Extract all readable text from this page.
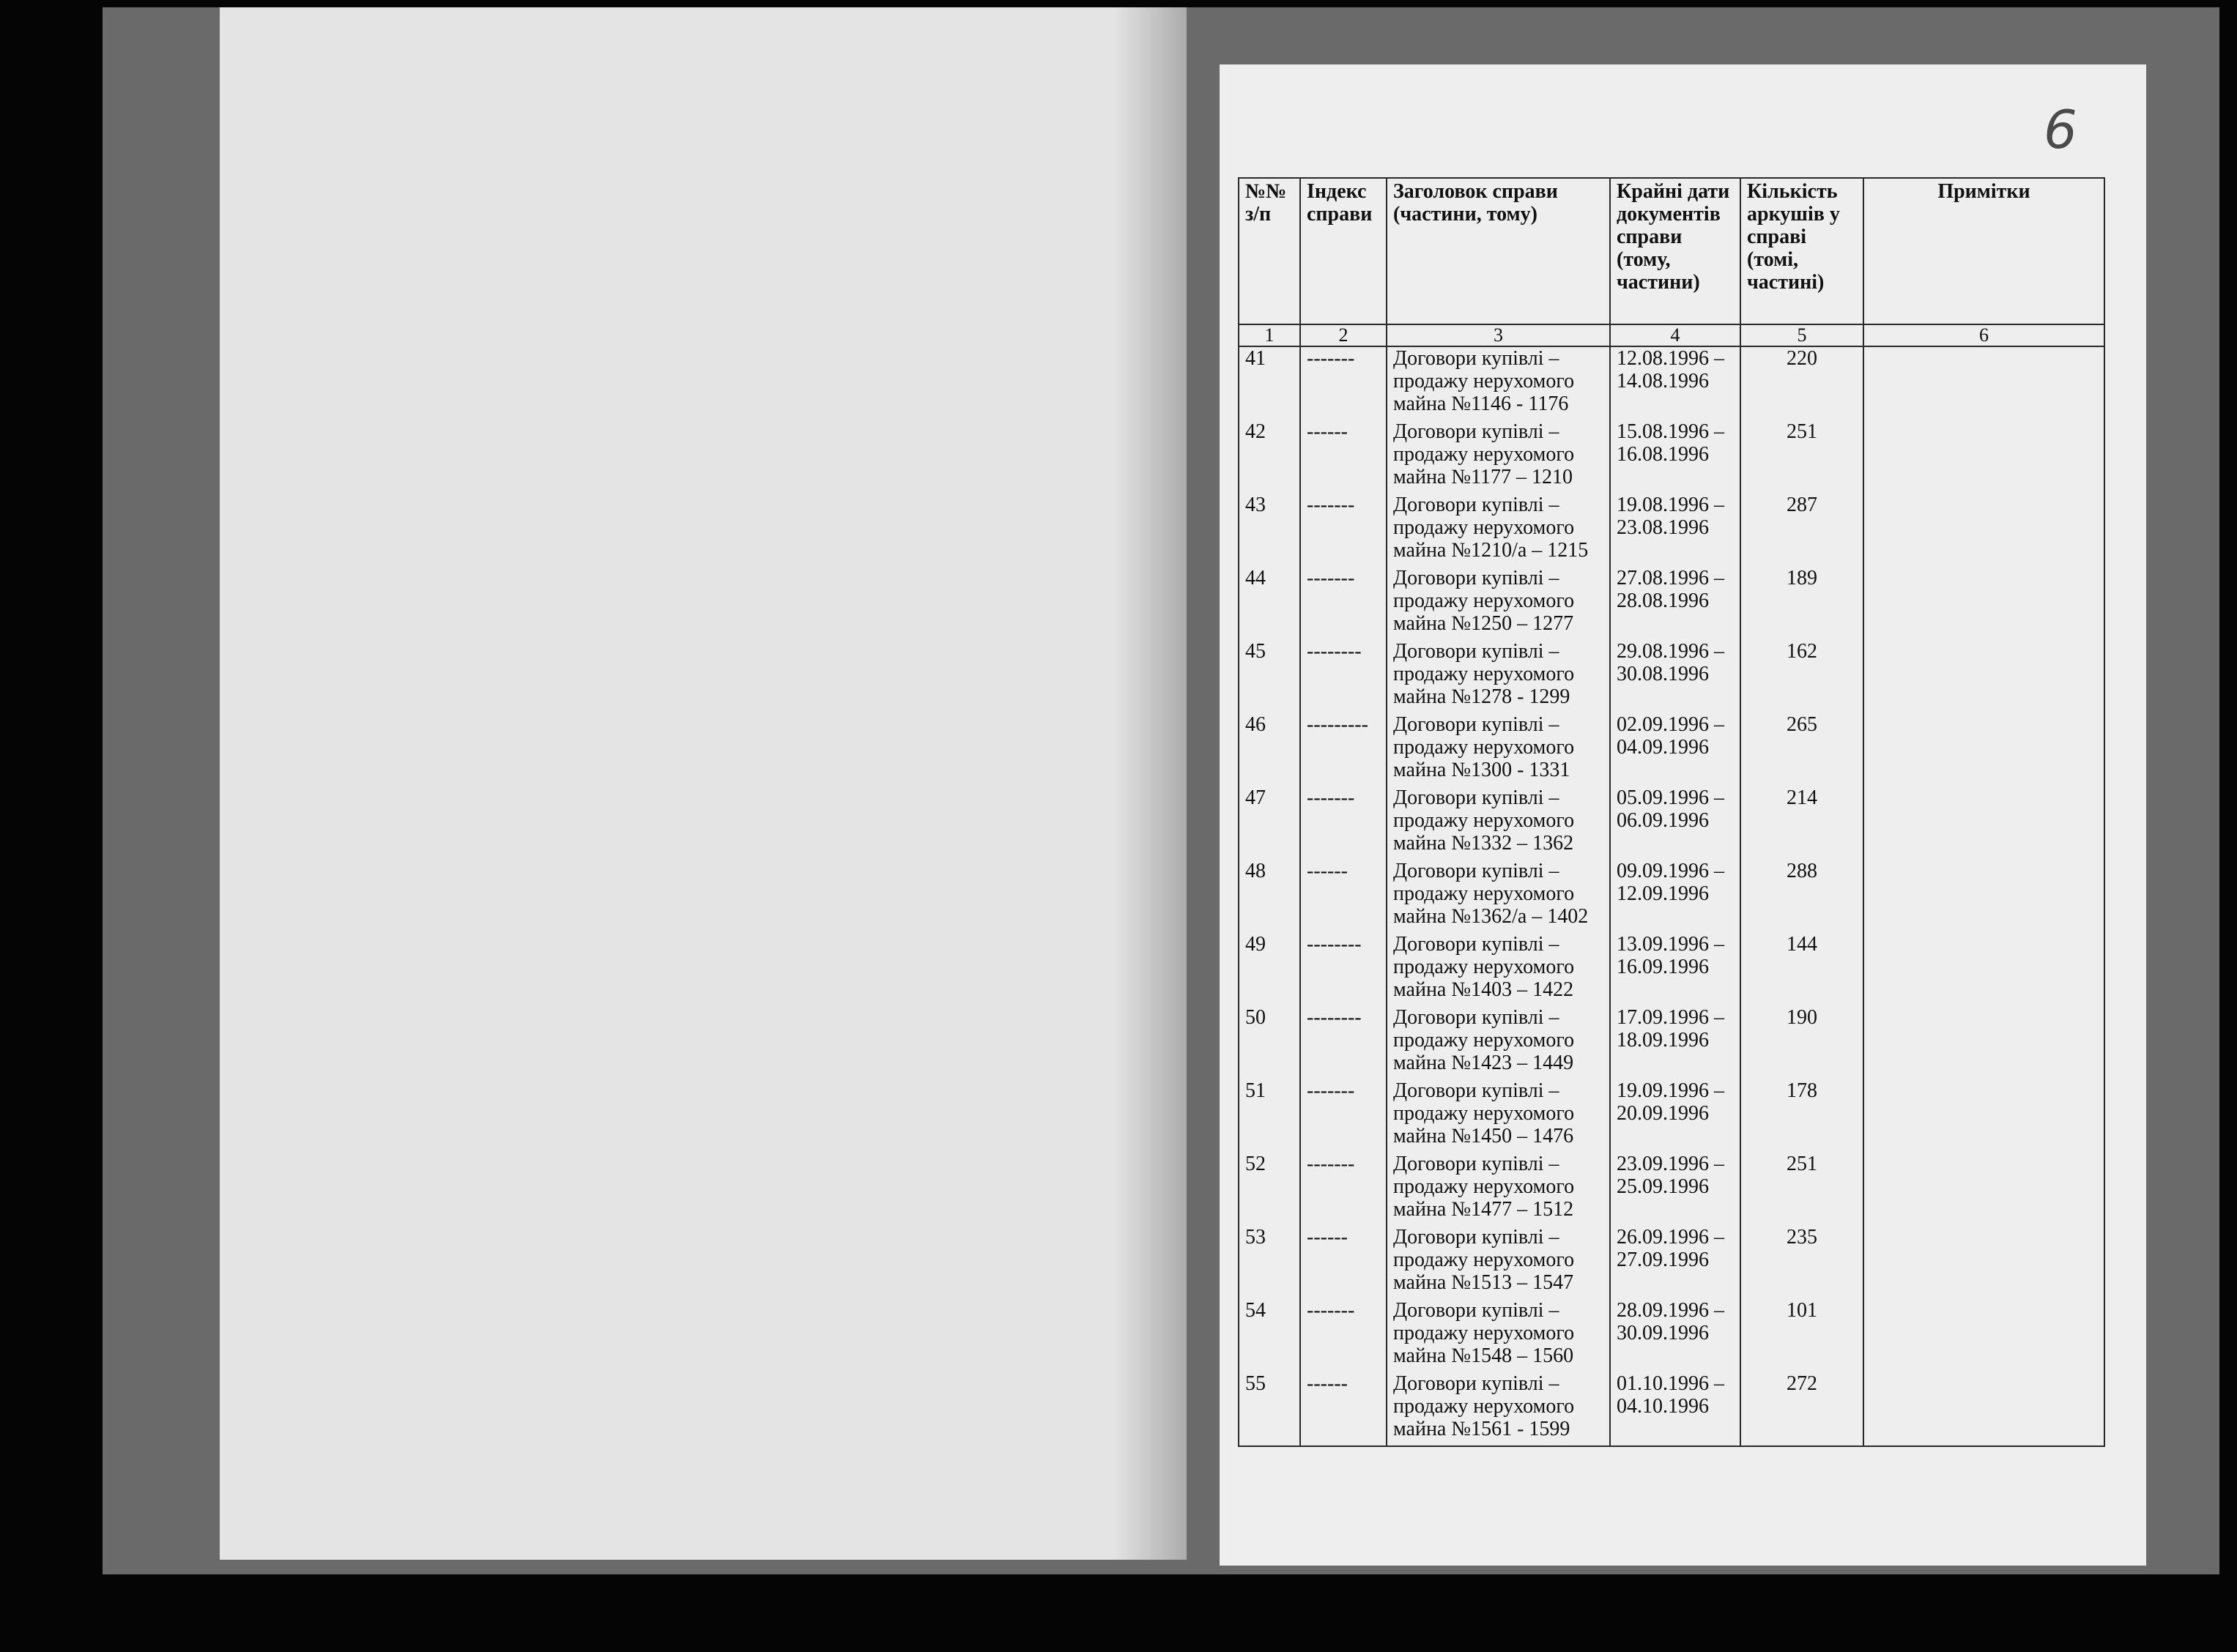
6
№№ з/п	Індекс справи	Заголовок справи (частини, тому)	Крайні дати документів справи (тому, частини)	Кількість аркушів у справі (томі, частині)	Примітки
1	2	3	4	5	6
41	-------	Договори купівлі – продажу нерухомого майна №1146 - 1176	12.08.1996 – 14.08.1996	220	
42	------	Договори купівлі – продажу нерухомого майна №1177 – 1210	15.08.1996 – 16.08.1996	251	
43	-------	Договори купівлі – продажу нерухомого майна №1210/а – 1215	19.08.1996 – 23.08.1996	287	
44	-------	Договори купівлі – продажу нерухомого майна №1250 – 1277	27.08.1996 – 28.08.1996	189	
45	--------	Договори купівлі – продажу нерухомого майна №1278 - 1299	29.08.1996 – 30.08.1996	162	
46	---------	Договори купівлі – продажу нерухомого майна №1300 - 1331	02.09.1996 – 04.09.1996	265	
47	-------	Договори купівлі – продажу нерухомого майна №1332 – 1362	05.09.1996 – 06.09.1996	214	
48	------	Договори купівлі – продажу нерухомого майна №1362/а – 1402	09.09.1996 – 12.09.1996	288	
49	--------	Договори купівлі – продажу нерухомого майна №1403 – 1422	13.09.1996 – 16.09.1996	144	
50	--------	Договори купівлі – продажу нерухомого майна №1423 – 1449	17.09.1996 – 18.09.1996	190	
51	-------	Договори купівлі – продажу нерухомого майна №1450 – 1476	19.09.1996 – 20.09.1996	178	
52	-------	Договори купівлі – продажу нерухомого майна №1477 – 1512	23.09.1996 – 25.09.1996	251	
53	------	Договори купівлі – продажу нерухомого майна №1513 – 1547	26.09.1996 – 27.09.1996	235	
54	-------	Договори купівлі – продажу нерухомого майна №1548 – 1560	28.09.1996 – 30.09.1996	101	
55	------	Договори купівлі – продажу нерухомого майна №1561 - 1599	01.10.1996 – 04.10.1996	272	
